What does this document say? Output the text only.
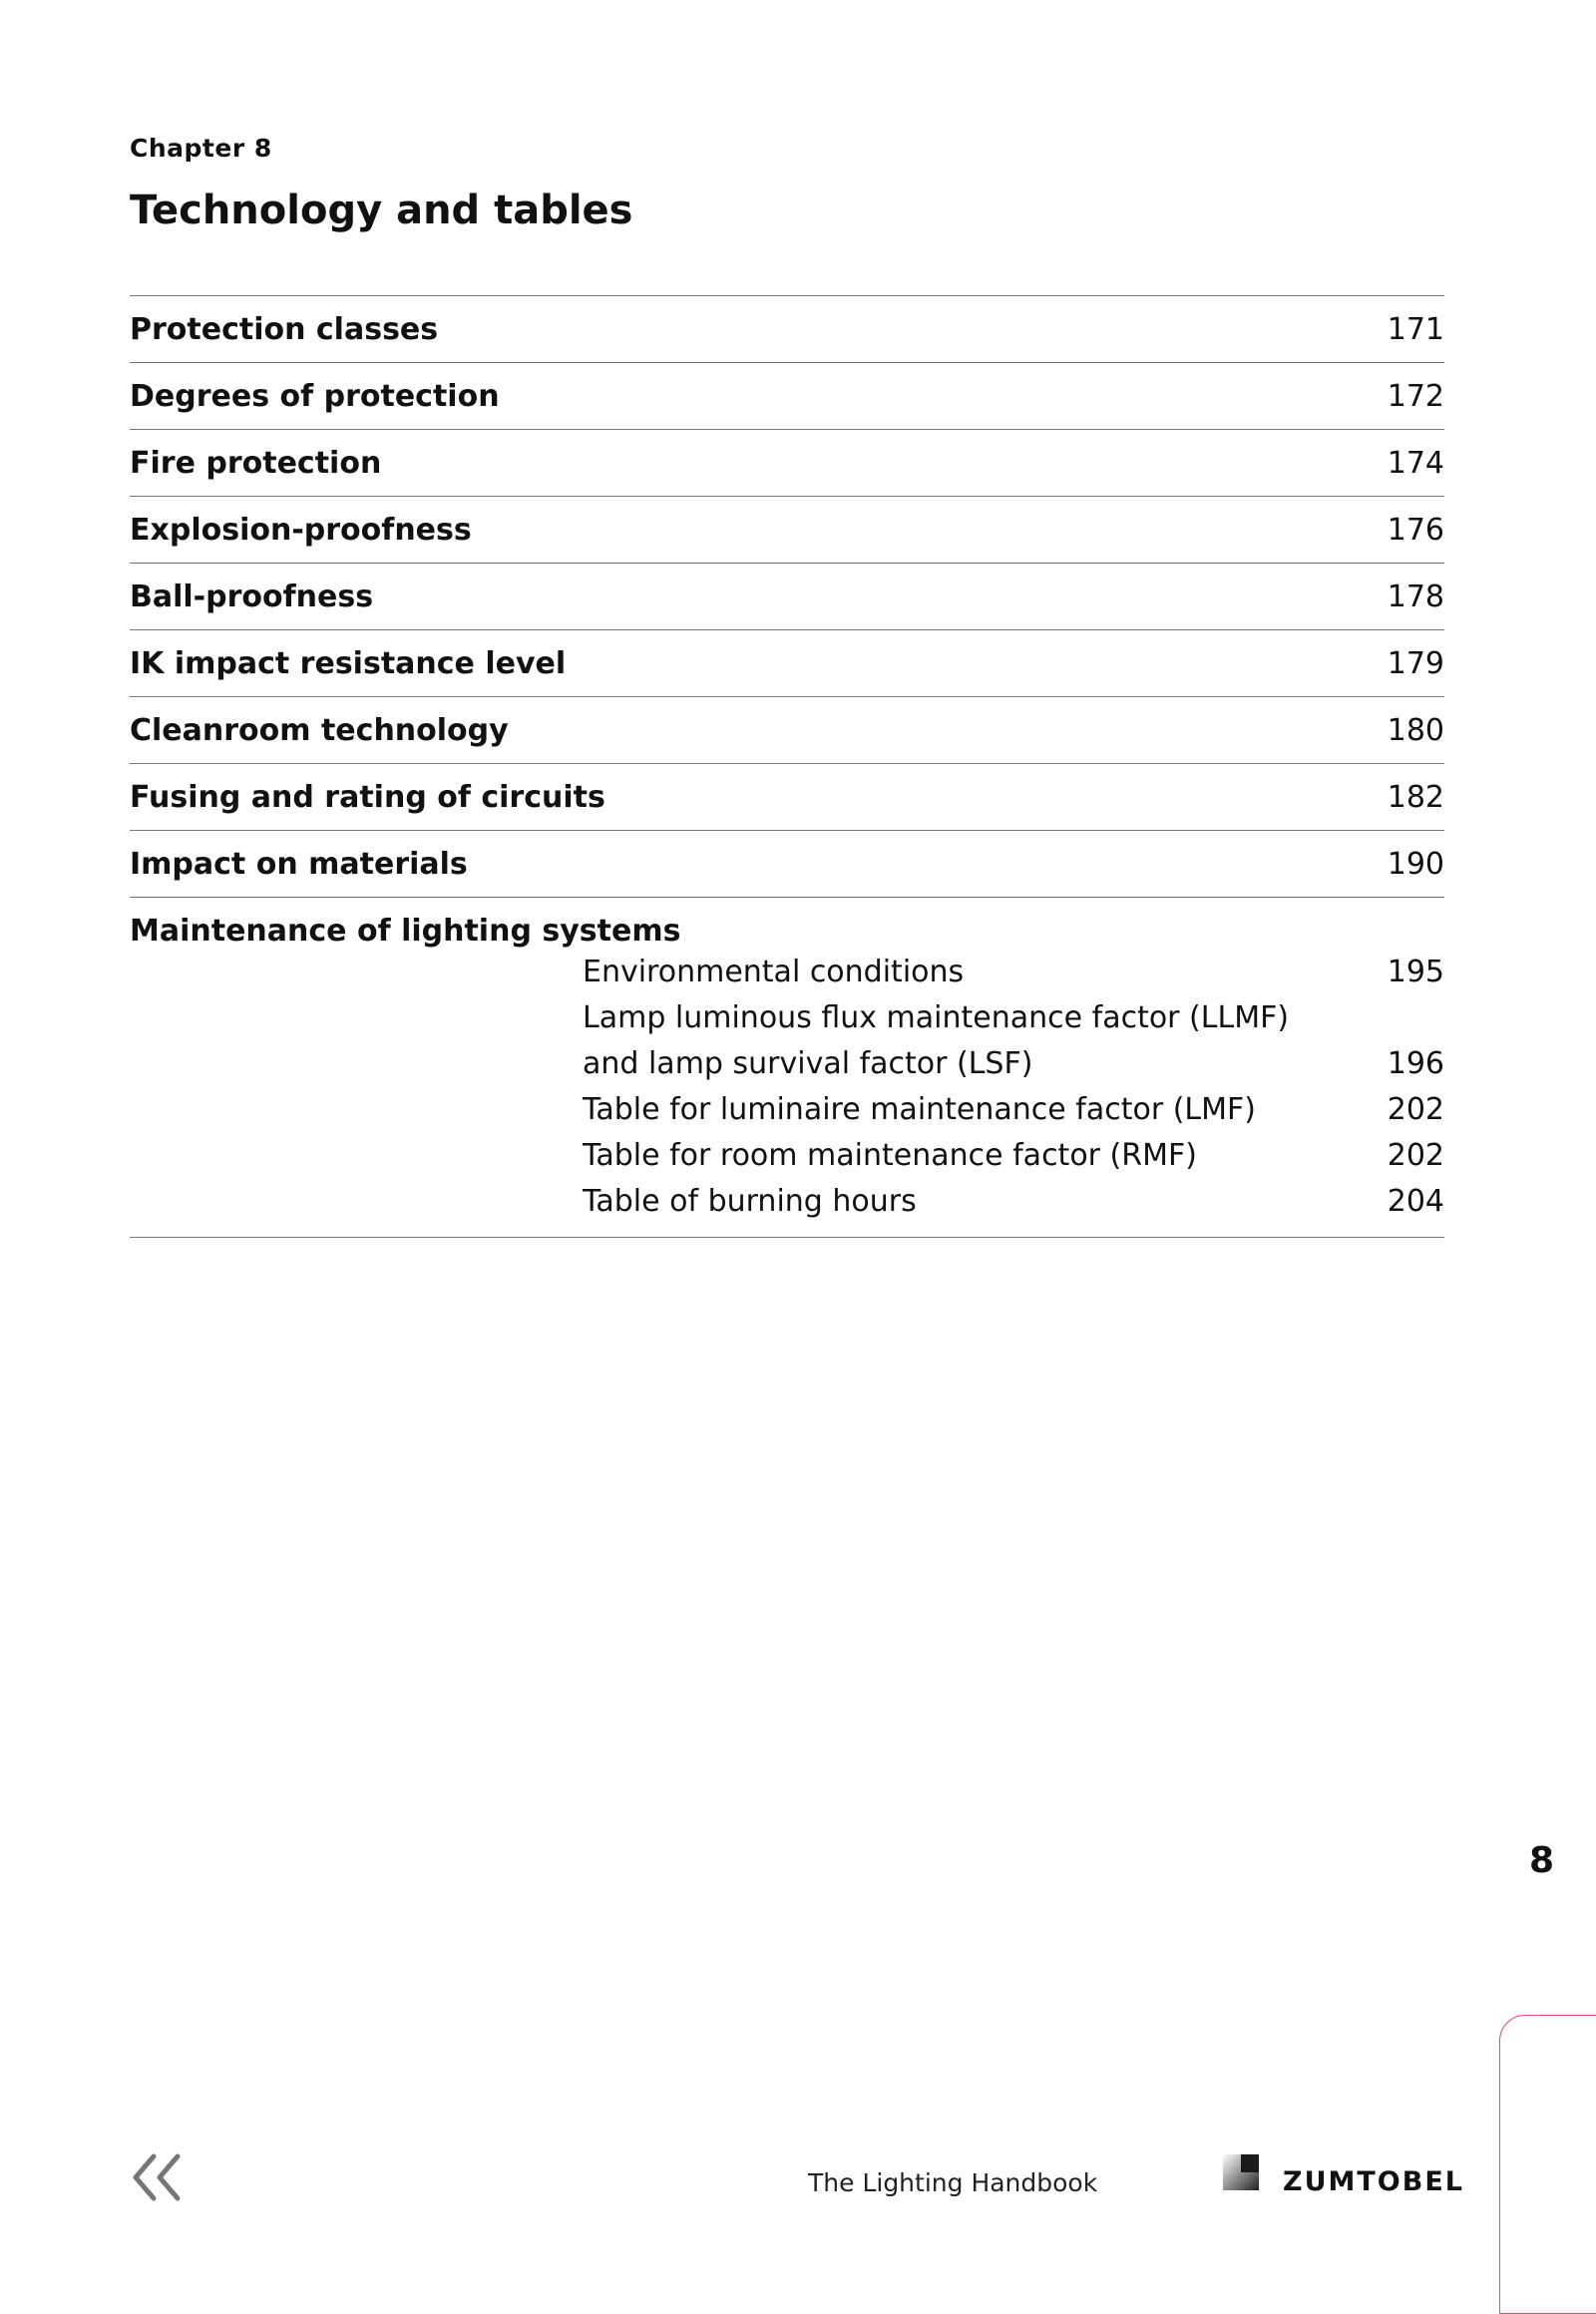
Chapter 8
Technology and tables
Protection classes	171
Degrees of protection	172
Fire protection	174
Explosion-proofness	176
Ball-proofness	178
IK impact resistance level	179
Cleanroom technology	180
Fusing and rating of circuits	182
Impact on materials	190
Maintenance of lighting systems
Environmental conditions	195
Lamp luminous flux maintenance factor (LLMF) and lamp survival factor (LSF)	196
Table for luminaire maintenance factor (LMF)	202
Table for room maintenance factor (RMF)	202
Table of burning hours	204
8
The Lighting Handbook	ZUMTOBEL
